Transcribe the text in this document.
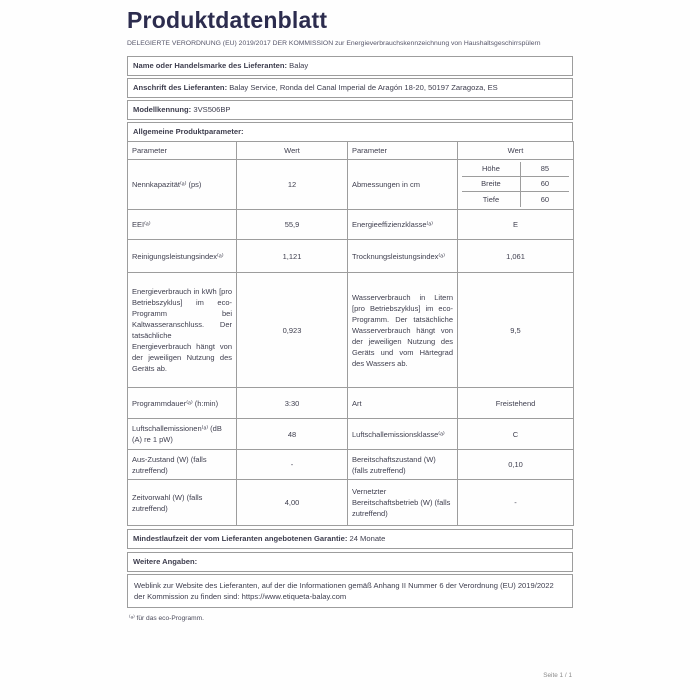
Produktdatenblatt
DELEGIERTE VERORDNUNG (EU) 2019/2017 DER KOMMISSION zur Energieverbrauchskennzeichnung von Haushaltsgeschirrspülern
Name oder Handelsmarke des Lieferanten: Balay
Anschrift des Lieferanten: Balay Service, Ronda del Canal Imperial de Aragón 18-20, 50197 Zaragoza, ES
Modellkennung: 3VS506BP
Allgemeine Produktparameter:
Parameter	Wert	Parameter	Wert
Nennkapazität⁽ᵃ⁾ (ps)	12	Abmessungen in cm	
Höhe	85
Breite	60
Tiefe	60

EEI⁽ᵃ⁾	55,9	Energieeffizienzklasse⁽ᵃ⁾	E
Reinigungsleistungsindex⁽ᵃ⁾	1,121	Trocknungsleistungsindex⁽ᵃ⁾	1,061
Energieverbrauch in kWh [pro Betriebszyklus] im eco-Programm bei Kaltwasseranschluss. Der tatsächliche Energieverbrauch hängt von der jeweiligen Nutzung des Geräts ab.	0,923	Wasserverbrauch in Litern [pro Betriebszyklus] im eco-Programm. Der tatsächliche Wasserverbrauch hängt von der jeweiligen Nutzung des Geräts und vom Härtegrad des Wassers ab.	9,5
Programmdauer⁽ᵃ⁾ (h:min)	3:30	Art	Freistehend
Luftschallemissionen⁽ᵃ⁾ (dB (A) re 1 pW)	48	Luftschallemissionsklasse⁽ᵃ⁾	C
Aus-Zustand (W) (falls zutreffend)	-	Bereitschaftszustand (W) (falls zutreffend)	0,10
Zeitvorwahl (W) (falls zutreffend)	4,00	Vernetzter Bereitschaftsbetrieb (W) (falls zutreffend)	-
Mindestlaufzeit der vom Lieferanten angebotenen Garantie: 24 Monate
Weitere Angaben:
Weblink zur Website des Lieferanten, auf der die Informationen gemäß Anhang II Nummer 6 der Verordnung (EU) 2019/2022 der Kommission zu finden sind: https://www.etiqueta-balay.com
⁽ᵃ⁾ für das eco-Programm.
Seite 1 / 1
